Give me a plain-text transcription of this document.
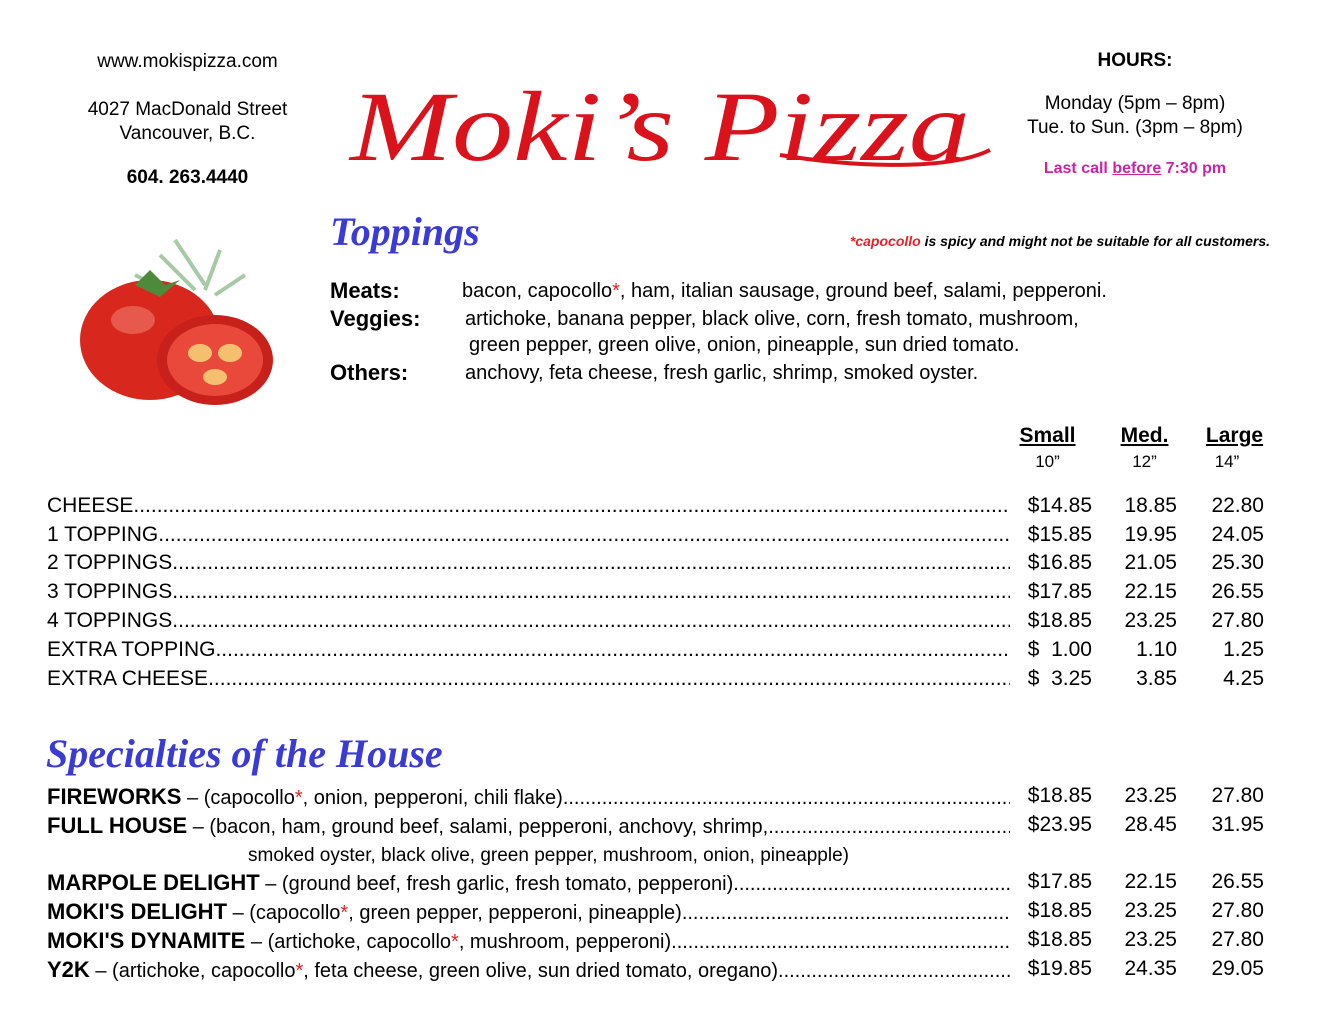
www.mokispizza.com
4027 MacDonald Street
Vancouver, B.C.
604. 263.4440 Moki’s Pizza
HOURS:
Monday (5pm – 8pm)
Tue. to Sun. (3pm – 8pm)
Last call before 7:30 pm
Toppings	*capocollo is spicy and might not be suitable for all customers.
Meats:	bacon, capocollo*, ham, italian sausage, ground beef, salami, pepperoni.
Veggies: artichoke, banana pepper, black olive, corn, fresh tomato, mushroom,
green pepper, green olive, onion, pineapple, sun dried tomato.
Others:	anchovy, feta cheese, fresh garlic, shrimp, smoked oyster.
Small
10”
Med.
12”
Large
14”
CHEESE .....	$14.85	18.85	22.80
1 TOPPING .....	$15.85	19.95	24.05
2 TOPPINGS .....	$16.85	21.05	25.30
3 TOPPINGS .....	$17.85	22.15	26.55
4 TOPPINGS .....	$18.85	23.25	27.80
EXTRA TOPPING .....	$  1.00	1.10	1.25
EXTRA CHEESE .....	$  3.25	3.85	4.25
Specialties of the House
FIREWORKS – (capocollo*, onion, pepperoni, chili flake) .....	$18.85	23.25	27.80
FULL HOUSE – (bacon, ham, ground beef, salami, pepperoni, anchovy, shrimp, .....	$23.95	28.45	31.95
smoked oyster, black olive, green pepper, mushroom, onion, pineapple)
MARPOLE DELIGHT – (ground beef, fresh garlic, fresh tomato, pepperoni) .....	$17.85	22.15	26.55
MOKI'S DELIGHT – (capocollo*, green pepper, pepperoni, pineapple) .....	$18.85	23.25	27.80
MOKI'S DYNAMITE – (artichoke, capocollo*, mushroom, pepperoni) .....	$18.85	23.25	27.80
Y2K – (artichoke, capocollo*, feta cheese, green olive, sun dried tomato, oregano) .....	$19.85	24.35	29.05
